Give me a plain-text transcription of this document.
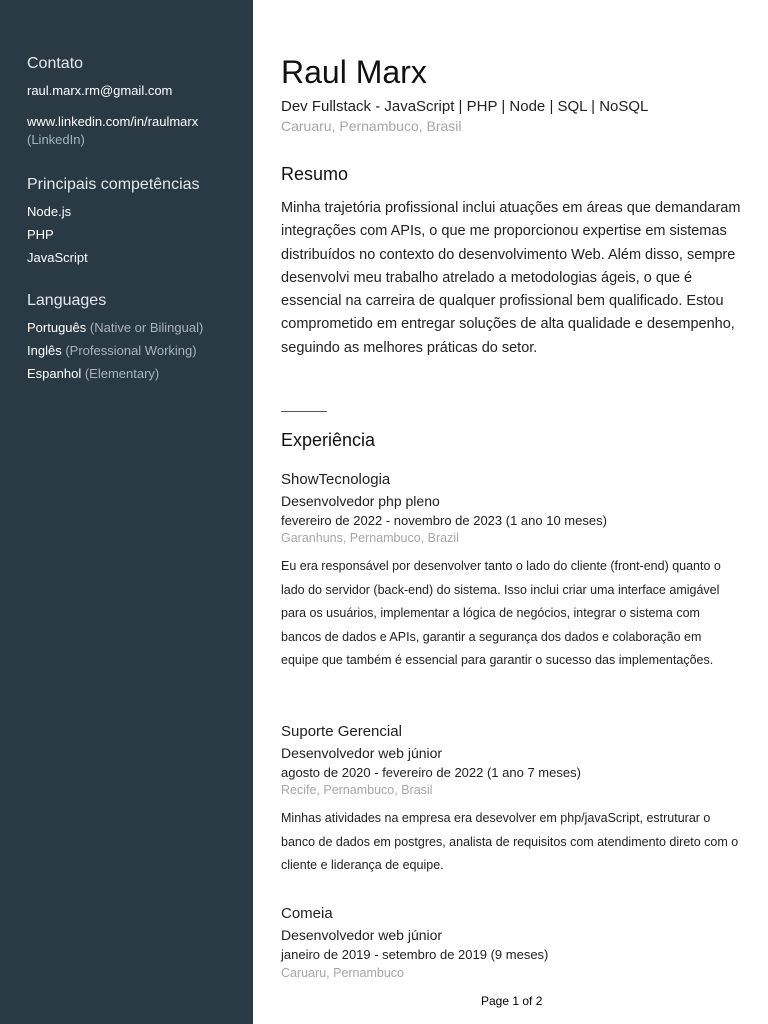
Contato
raul.marx.rm@gmail.com
www.linkedin.com/in/raulmarx
(LinkedIn)
Principais competências
Node.js
PHP
JavaScript
Languages
Português (Native or Bilingual)
Inglês (Professional Working)
Espanhol (Elementary)
Raul Marx
Dev Fullstack - JavaScript | PHP | Node | SQL | NoSQL
Caruaru, Pernambuco, Brasil
Resumo
Minha trajetória profissional inclui atuações em áreas que demandaram integrações com APIs, o que me proporcionou expertise em sistemas distribuídos no contexto do desenvolvimento Web. Além disso, sempre desenvolvi meu trabalho atrelado a metodologias ágeis, o que é essencial na carreira de qualquer profissional bem qualificado. Estou comprometido em entregar soluções de alta qualidade e desempenho, seguindo as melhores práticas do setor.
Experiência
ShowTecnologia
Desenvolvedor php pleno
fevereiro de 2022 - novembro de 2023 (1 ano 10 meses)
Garanhuns, Pernambuco, Brazil
Eu era responsável por desenvolver tanto o lado do cliente (front-end) quanto o lado do servidor (back-end) do sistema. Isso inclui criar uma interface amigável para os usuários, implementar a lógica de negócios, integrar o sistema com bancos de dados e APIs, garantir a segurança dos dados e colaboração em equipe que também é essencial para garantir o sucesso das implementações.
Suporte Gerencial
Desenvolvedor web júnior
agosto de 2020 - fevereiro de 2022 (1 ano 7 meses)
Recife, Pernambuco, Brasil
Minhas atividades na empresa era desevolver em php/javaScript, estruturar o banco de dados em postgres, analista de requisitos com atendimento direto com o cliente e liderança de equipe.
Comeia
Desenvolvedor web júnior
janeiro de 2019 - setembro de 2019 (9 meses)
Caruaru, Pernambuco
Page 1 of 2
